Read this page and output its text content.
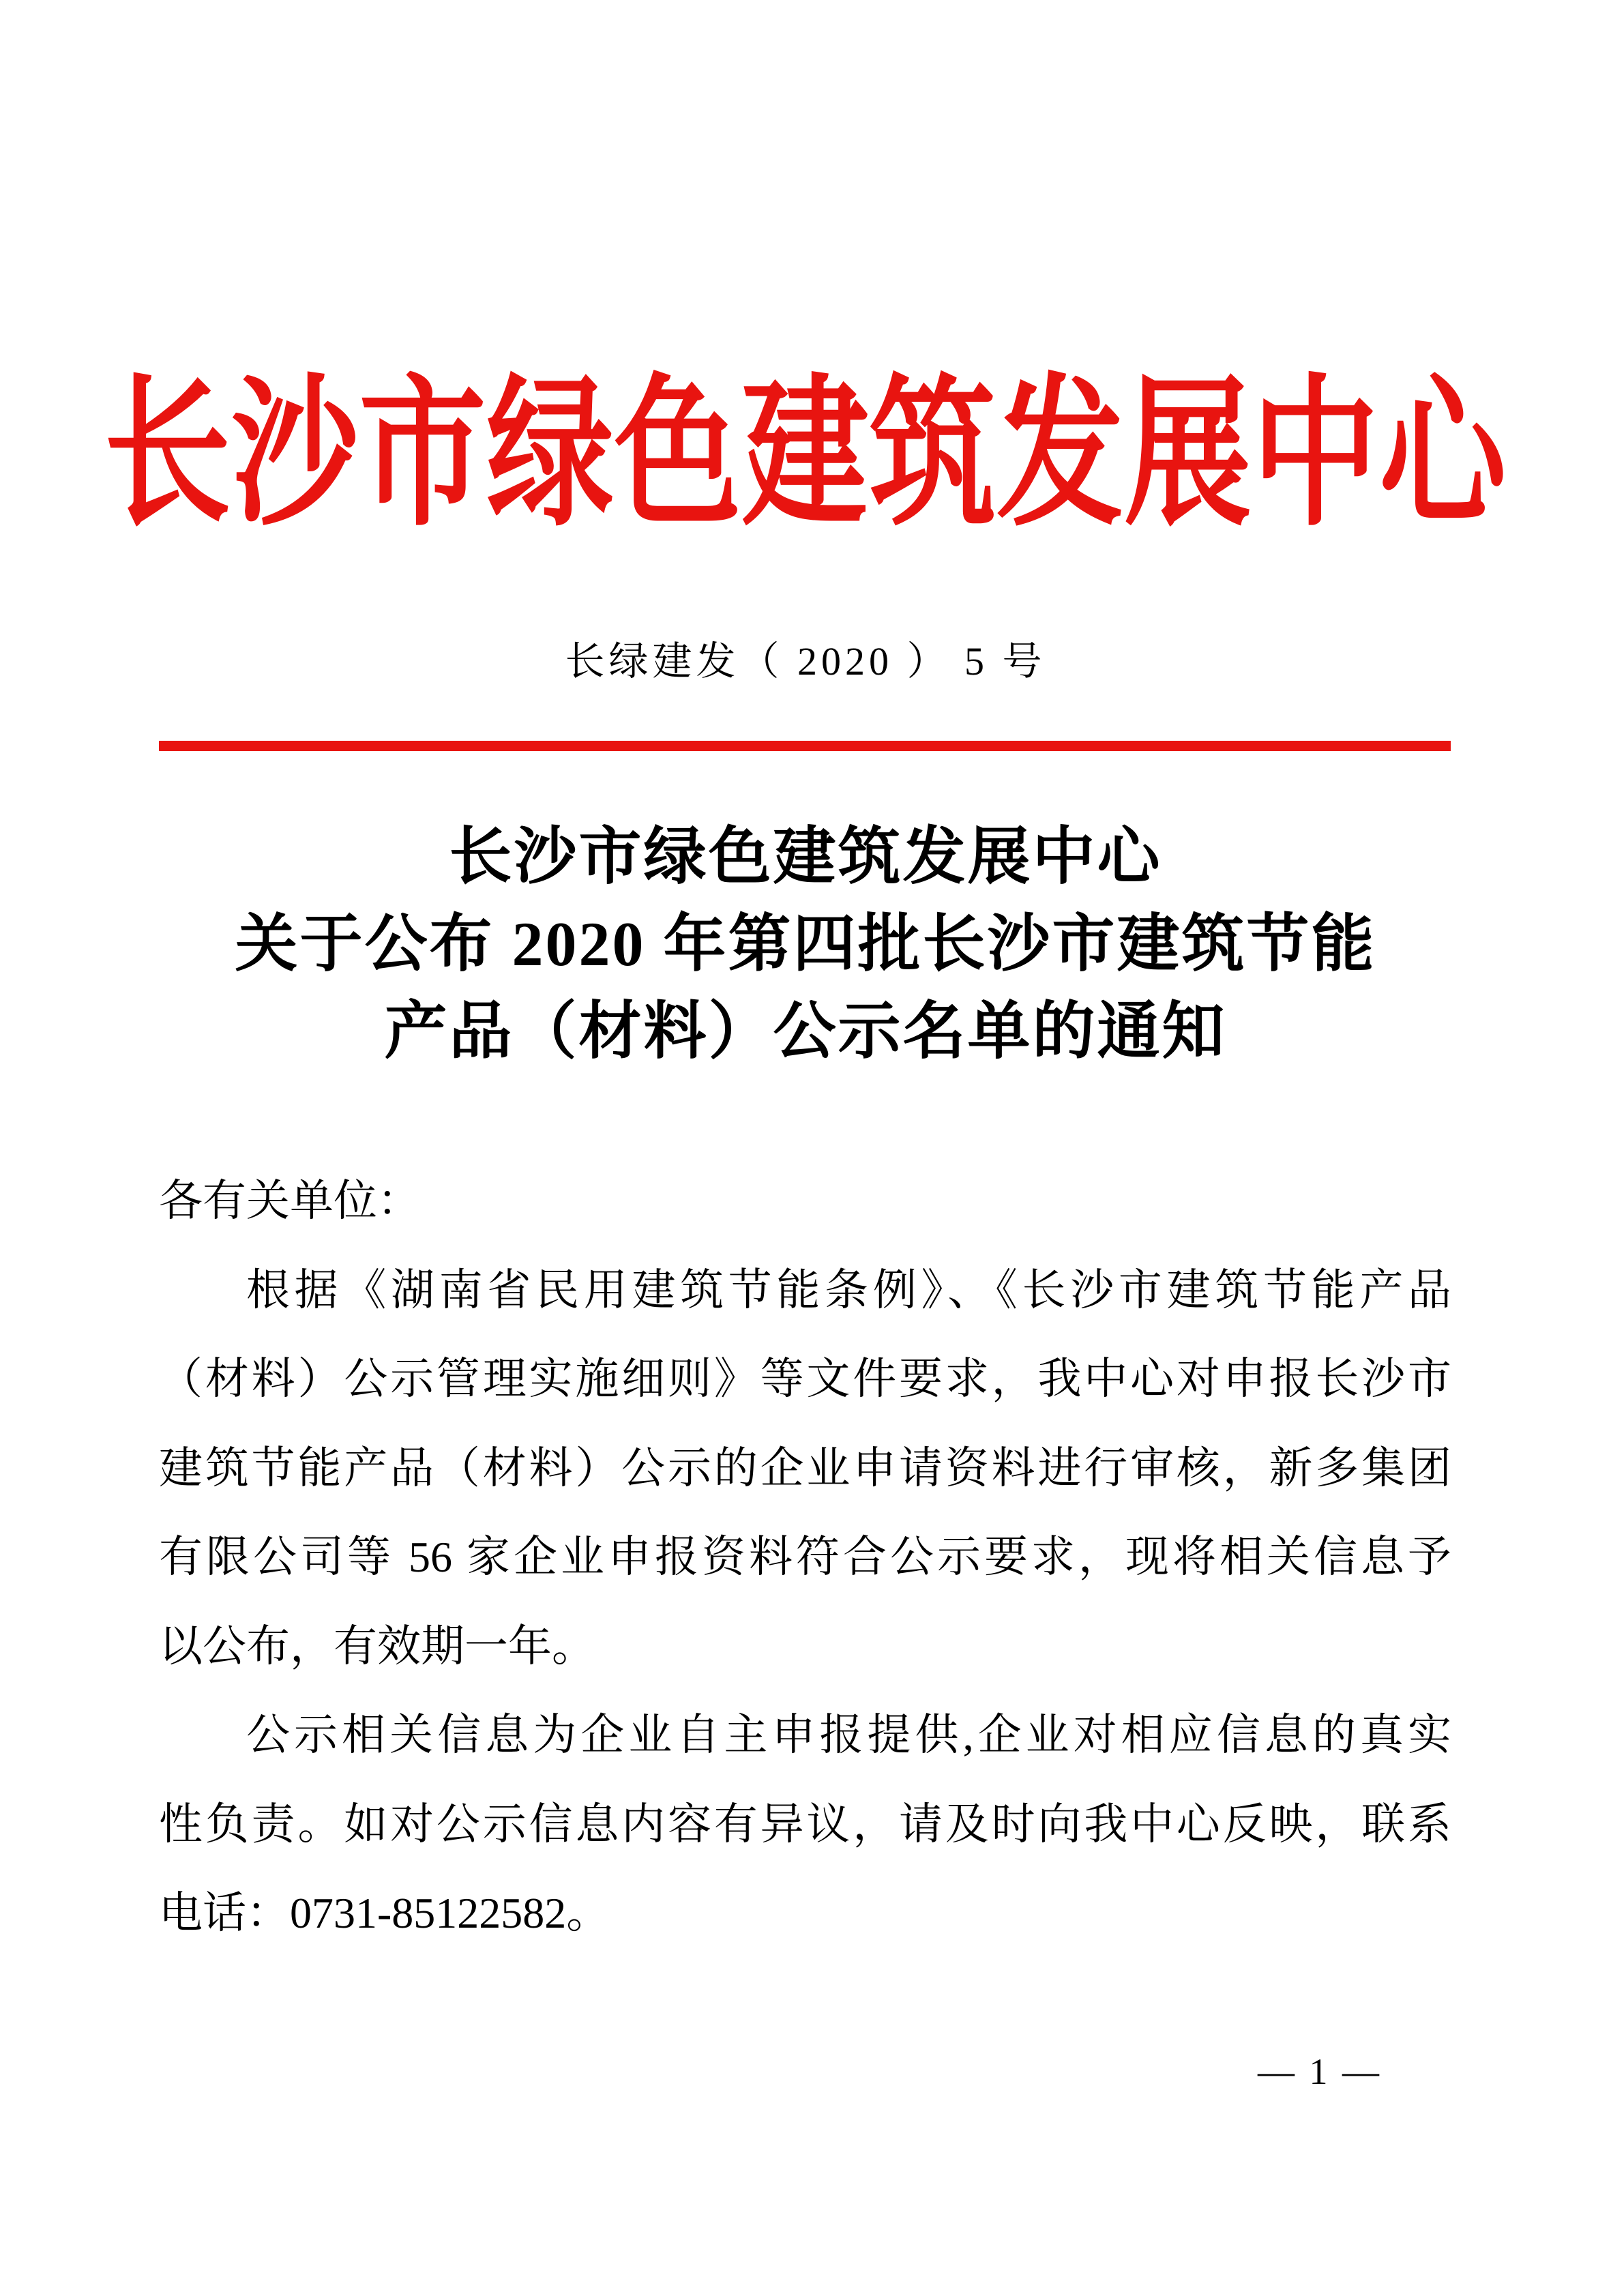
长沙市绿色建筑发展中心
长绿建发（ 2020 ） 5 号
长沙市绿色建筑发展中心
关于公布 2020 年第四批长沙市建筑节能
产品（材料）公示名单的通知
各有关单位：
根据《湖南省民用建筑节能条例》、《长沙市建筑节能产品
（材料）公示管理实施细则》等文件要求，我中心对申报长沙市
建筑节能产品（材料）公示的企业申请资料进行审核，新多集团
有限公司等 56 家企业申报资料符合公示要求，现将相关信息予
以公布，有效期一年。
公示相关信息为企业自主申报提供,企业对相应信息的真实
性负责。如对公示信息内容有异议，请及时向我中心反映，联系
电话：0731-85122582。
— 1 —
